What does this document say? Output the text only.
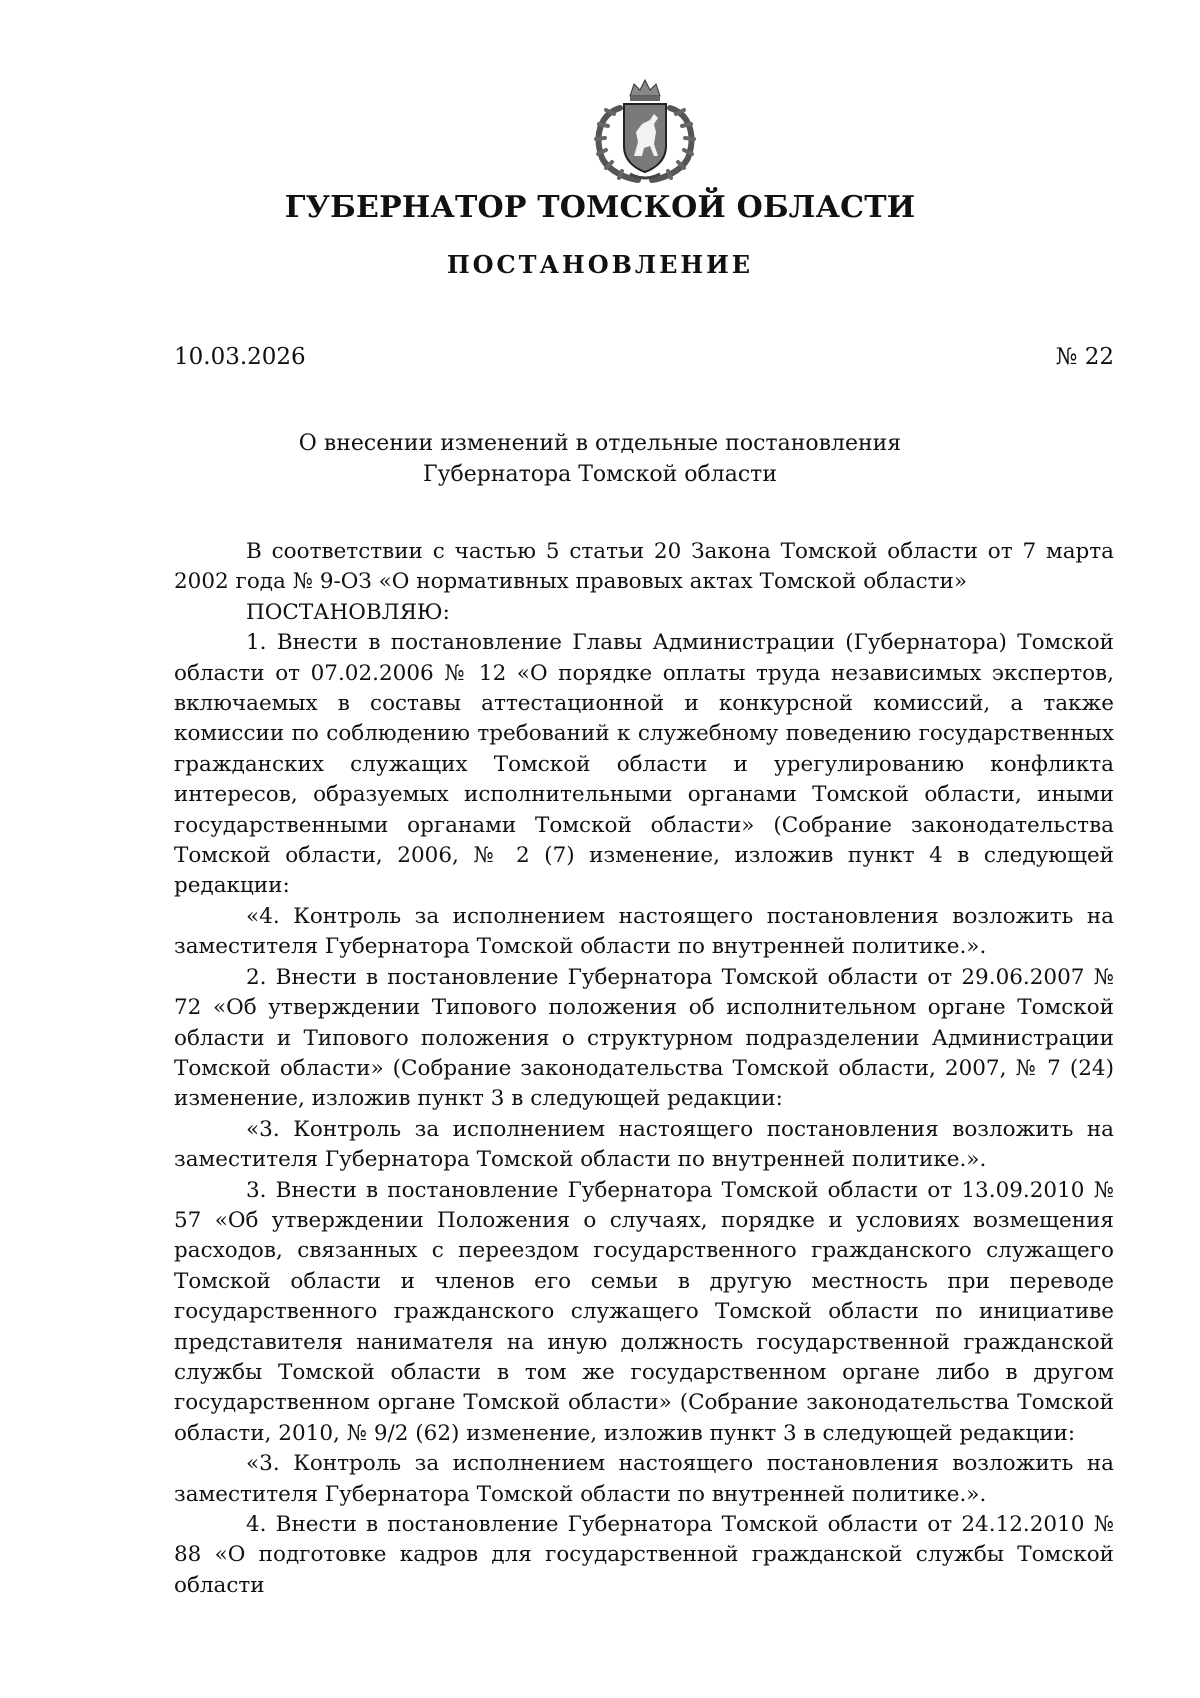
ГУБЕРНАТОР ТОМСКОЙ ОБЛАСТИ
ПОСТАНОВЛЕНИЕ
10.03.2026	№ 22
О внесении изменений в отдельные постановления
Губернатора Томской области

В соответствии с частью 5 статьи 20 Закона Томской области от 7 марта 2002 года № 9-ОЗ «О нормативных правовых актах Томской области»

ПОСТАНОВЛЯЮ:

1. Внести в постановление Главы Администрации (Губернатора) Томской области от 07.02.2006 № 12 «О порядке оплаты труда независимых экспертов, включаемых в составы аттестационной и конкурсной комиссий, а также комиссии по соблюдению требований к служебному поведению государственных гражданских служащих Томской области и урегулированию конфликта интересов, образуемых исполнительными органами Томской области, иными государственными органами Томской области» (Собрание законодательства Томской области, 2006, № 2 (7) изменение, изложив пункт 4 в следующей редакции:

«4. Контроль за исполнением настоящего постановления возложить на заместителя Губернатора Томской области по внутренней политике.».

2. Внести в постановление Губернатора Томской области от 29.06.2007 № 72 «Об утверждении Типового положения об исполнительном органе Томской области и Типового положения о структурном подразделении Администрации Томской области» (Собрание законодательства Томской области, 2007, № 7 (24) изменение, изложив пункт 3 в следующей редакции:

«3. Контроль за исполнением настоящего постановления возложить на заместителя Губернатора Томской области по внутренней политике.».

3. Внести в постановление Губернатора Томской области от 13.09.2010 № 57 «Об утверждении Положения о случаях, порядке и условиях возмещения расходов, связанных с переездом государственного гражданского служащего Томской области и членов его семьи в другую местность при переводе государственного гражданского служащего Томской области по инициативе представителя нанимателя на иную должность государственной гражданской службы Томской области в том же государственном органе либо в другом государственном органе Томской области» (Собрание законодательства Томской области, 2010, № 9/2 (62) изменение, изложив пункт 3 в следующей редакции:

«3. Контроль за исполнением настоящего постановления возложить на заместителя Губернатора Томской области по внутренней политике.».

4. Внести в постановление Губернатора Томской области от 24.12.2010 № 88 «О подготовке кадров для государственной гражданской службы Томской области
